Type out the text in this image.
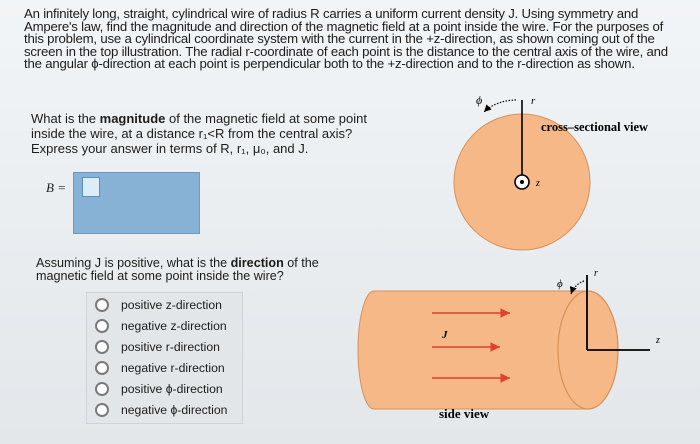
An infinitely long, straight, cylindrical wire of radius R carries a uniform current density J. Using symmetry and Ampere's law, find the magnitude and direction of the magnetic field at a point inside the wire. For the purposes of this problem, use a cylindrical coordinate system with the current in the +z-direction, as shown coming out of the screen in the top illustration. The radial r-coordinate of each point is the distance to the central axis of the wire, and the angular ϕ-direction at each point is perpendicular both to the +z-direction and to the r-direction as shown.
What is the magnitude of the magnetic field at some point inside the wire, at a distance r₁<R from the central axis?
Express your answer in terms of R, r₁, μ₀, and J.
B =
Assuming J is positive, what is the direction of the magnetic field at some point inside the wire?
positive z-direction
negative z-direction
positive r-direction
negative r-direction
positive ϕ-direction
negative ϕ-direction
ϕ	r
z
cross–sectional view
J
ϕ
r
z
side view
